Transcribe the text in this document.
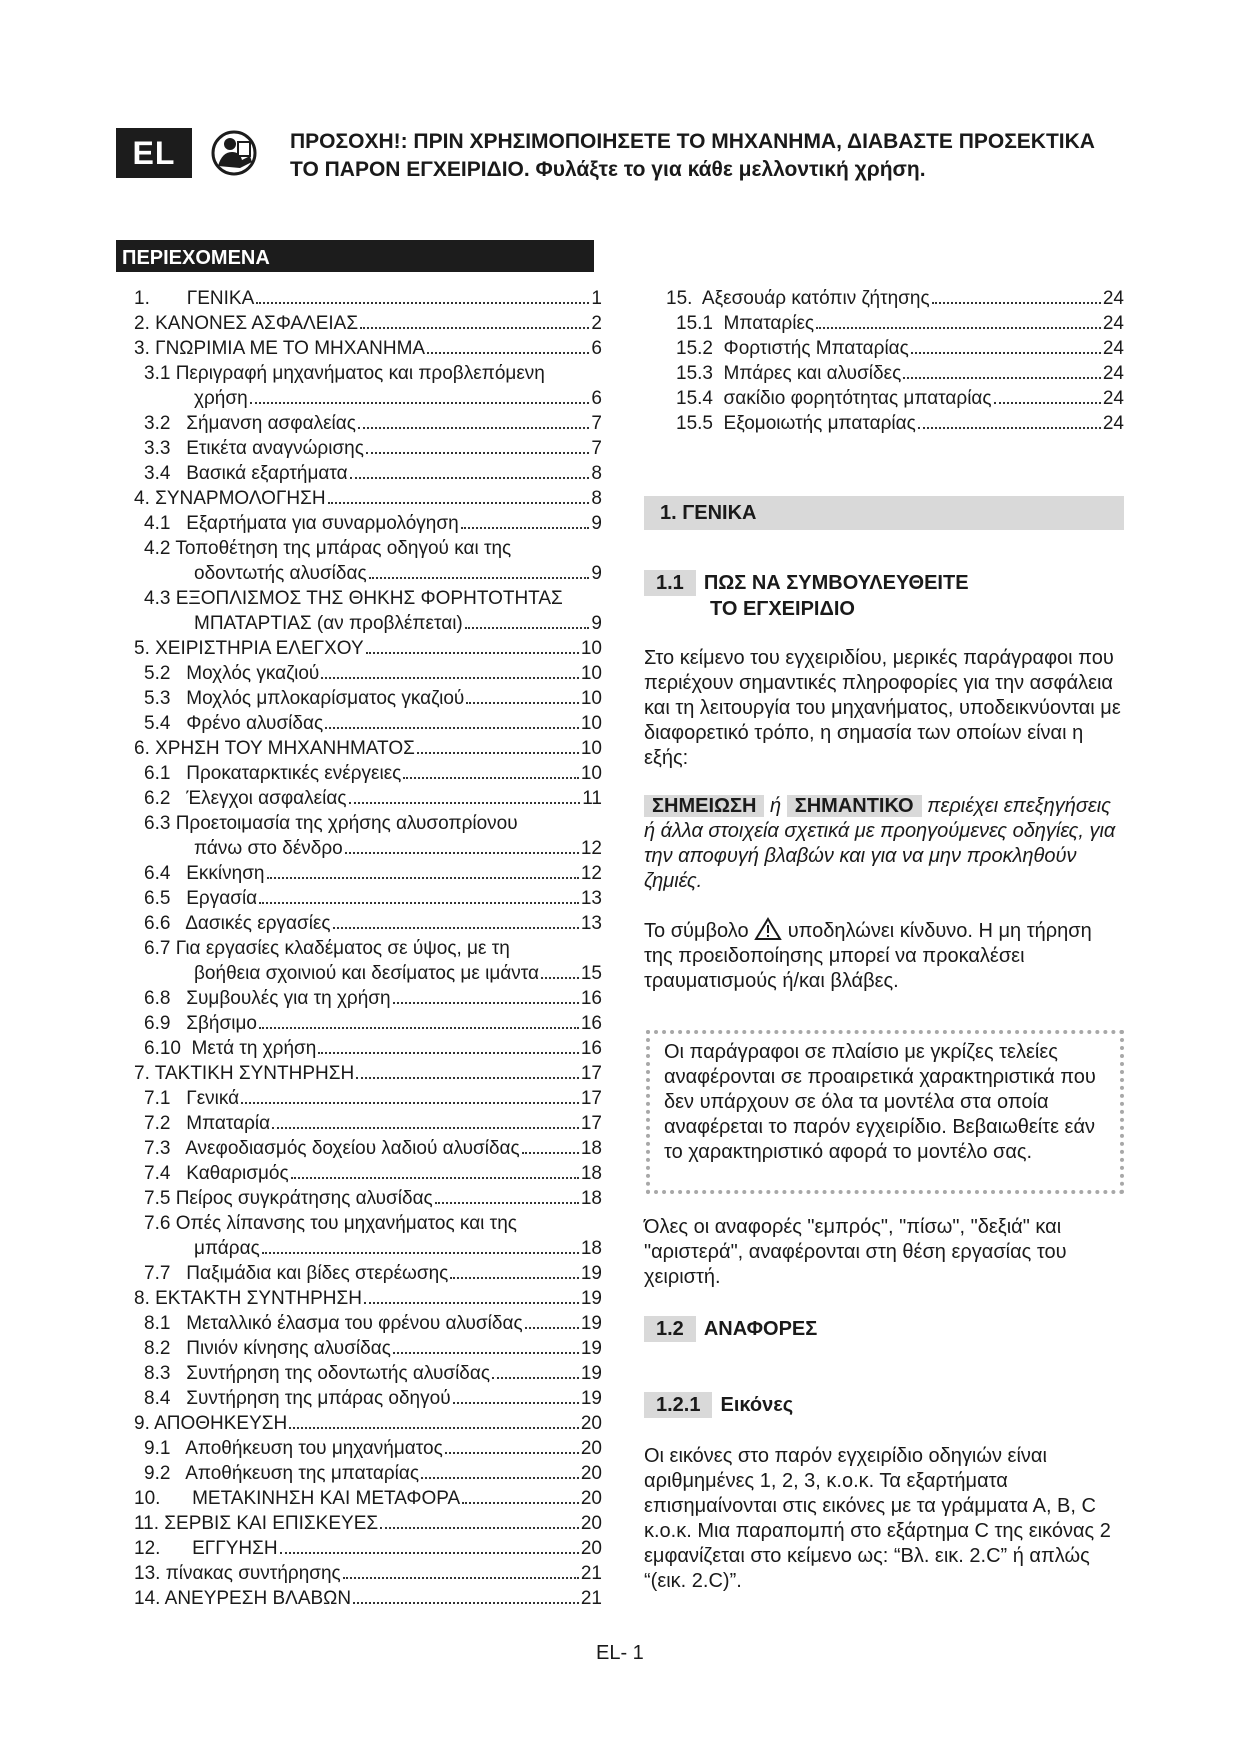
EL	ΠΡΟΣΟΧΗ!: ΠΡΙΝ ΧΡΗΣΙΜΟΠΟΙΗΣΕΤΕ ΤΟ ΜΗΧΑΝΗΜΑ, ΔΙΑΒΑΣΤΕ ΠΡΟΣΕΚΤΙΚΑ
ΤΟ ΠΑΡΟΝ ΕΓΧΕΙΡΙΔΙΟ. Φυλάξτε το για κάθε μελλοντική χρήση.
ΠΕΡΙΕΧΟΜΕΝΑ
1.       ΓΕΝΙΚΑ	1
2. ΚΑΝΟΝΕΣ ΑΣΦΑΛΕΙΑΣ	2
3. ΓΝΩΡΙΜΙΑ ΜΕ ΤΟ ΜΗΧΑΝΗΜΑ	6
3.1 Περιγραφή μηχανήματος και προβλεπόμενη
χρήση	6
3.2   Σήμανση ασφαλείας	7
3.3   Ετικέτα αναγνώρισης	7
3.4   Βασικά εξαρτήματα	8
4. ΣΥΝΑΡΜΟΛΟΓΗΣΗ	8
4.1   Εξαρτήματα για συναρμολόγηση	9
4.2 Τοποθέτηση της μπάρας οδηγού και της
οδοντωτής αλυσίδας	9
4.3 ΕΞΟΠΛΙΣΜΟΣ ΤΗΣ ΘΗΚΗΣ ΦΟΡΗΤΟΤΗΤΑΣ
ΜΠΑΤΑΡΤΙΑΣ (αν προβλέπεται)	9
5. ΧΕΙΡΙΣΤΗΡΙΑ ΕΛΕΓΧΟΥ	10
5.2   Μοχλός γκαζιού	10
5.3   Μοχλός μπλοκαρίσματος γκαζιού	10
5.4   Φρένο αλυσίδας	10
6. ΧΡΗΣΗ ΤΟΥ ΜΗΧΑΝΗΜΑΤΟΣ	10
6.1   Προκαταρκτικές ενέργειες	10
6.2   Έλεγχοι ασφαλείας	11
6.3 Προετοιμασία της χρήσης αλυσοπρίονου
πάνω στο δένδρο	12
6.4   Εκκίνηση	12
6.5   Εργασία	13
6.6   Δασικές εργασίες	13
6.7 Για εργασίες κλαδέματος σε ύψος, με τη
βοήθεια σχοινιού και δεσίματος με ιμάντα 15
6.8   Συμβουλές για τη χρήση	16
6.9   Σβήσιμο	16
6.10  Μετά τη χρήση	16
7. ΤΑΚΤΙΚΗ ΣΥΝΤΗΡΗΣΗ	17
7.1   Γενικά	17
7.2   Μπαταρία	17
7.3   Ανεφοδιασμός δοχείου λαδιού αλυσίδας	18
7.4   Καθαρισμός	18
7.5 Πείρος συγκράτησης αλυσίδας	18
7.6 Οπές λίπανσης του μηχανήματος και της
μπάρας	18
7.7   Παξιμάδια και βίδες στερέωσης	19
8. ΕΚΤΑΚΤΗ ΣΥΝΤΗΡΗΣΗ	19
8.1   Μεταλλικό έλασμα του φρένου αλυσίδας	19
8.2   Πινιόν κίνησης αλυσίδας	19
8.3   Συντήρηση της οδοντωτής αλυσίδας	19
8.4   Συντήρηση της μπάρας οδηγού	19
9. ΑΠΟΘΗΚΕΥΣΗ	20
9.1   Αποθήκευση του μηχανήματος	20
9.2   Αποθήκευση της μπαταρίας	20
10.      ΜΕΤΑΚΙΝΗΣΗ ΚΑΙ ΜΕΤΑΦΟΡΑ	20
11. ΣΕΡΒΙΣ ΚΑΙ ΕΠΙΣΚΕΥΕΣ	20
12.      ΕΓΓΥΗΣΗ	20
13. πίνακας συντήρησης	21
14. ΑΝΕΥΡΕΣΗ ΒΛΑΒΩΝ	21
15.  Αξεσουάρ κατόπιν ζήτησης	24
15.1  Μπαταρίες	24
15.2  Φορτιστής Μπαταρίας	24
15.3  Μπάρες και αλυσίδες	24
15.4  σακίδιο φορητότητας μπαταρίας	24
15.5  Εξομοιωτής μπαταρίας	24
1. ΓΕΝΙΚΑ
1.1 ΠΩΣ ΝΑ ΣΥΜΒΟΥΛΕΥΘΕΙΤΕ
ΤΟ ΕΓΧΕΙΡΙΔΙΟ

Στο κείμενο του εγχειριδίου, μερικές παράγραφοι που περιέχουν σημαντικές πληροφορίες για την ασφάλεια και τη λειτουργία του μηχανήματος, υποδεικνύονται με διαφορετικό τρόπο, η σημασία των οποίων είναι η εξής:

ΣΗΜΕΙΩΣΗ ή ΣΗΜΑΝΤΙΚΟ περιέχει επεξηγήσεις ή άλλα στοιχεία σχετικά με προηγούμενες οδηγίες, για την αποφυγή βλαβών και για να μην προκληθούν ζημιές.

Το σύμβολο υποδηλώνει κίνδυνο. Η μη τήρηση της προειδοποίησης μπορεί να προκαλέσει τραυματισμούς ή/και βλάβες.

Οι παράγραφοι σε πλαίσιο με γκρίζες τελείες αναφέρονται σε προαιρετικά χαρακτηριστικά που δεν υπάρχουν σε όλα τα μοντέλα στα οποία αναφέρεται το παρόν εγχειρίδιο. Βεβαιωθείτε εάν το χαρακτηριστικό αφορά το μοντέλο σας.

Όλες οι αναφορές "εμπρός", "πίσω", "δεξιά" και "αριστερά", αναφέρονται στη θέση εργασίας του χειριστή.

1.2 ΑΝΑΦΟΡΕΣ
1.2.1 Εικόνες

Οι εικόνες στο παρόν εγχειρίδιο οδηγιών είναι αριθμημένες 1, 2, 3, κ.ο.κ. Τα εξαρτήματα επισημαίνονται στις εικόνες με τα γράμματα Α, B, C κ.ο.κ. Μια παραπομπή στο εξάρτημα C της εικόνας 2 εμφανίζεται στο κείμενο ως: “Βλ. εικ. 2.C” ή απλώς “(εικ. 2.C)”.

EL- 1
